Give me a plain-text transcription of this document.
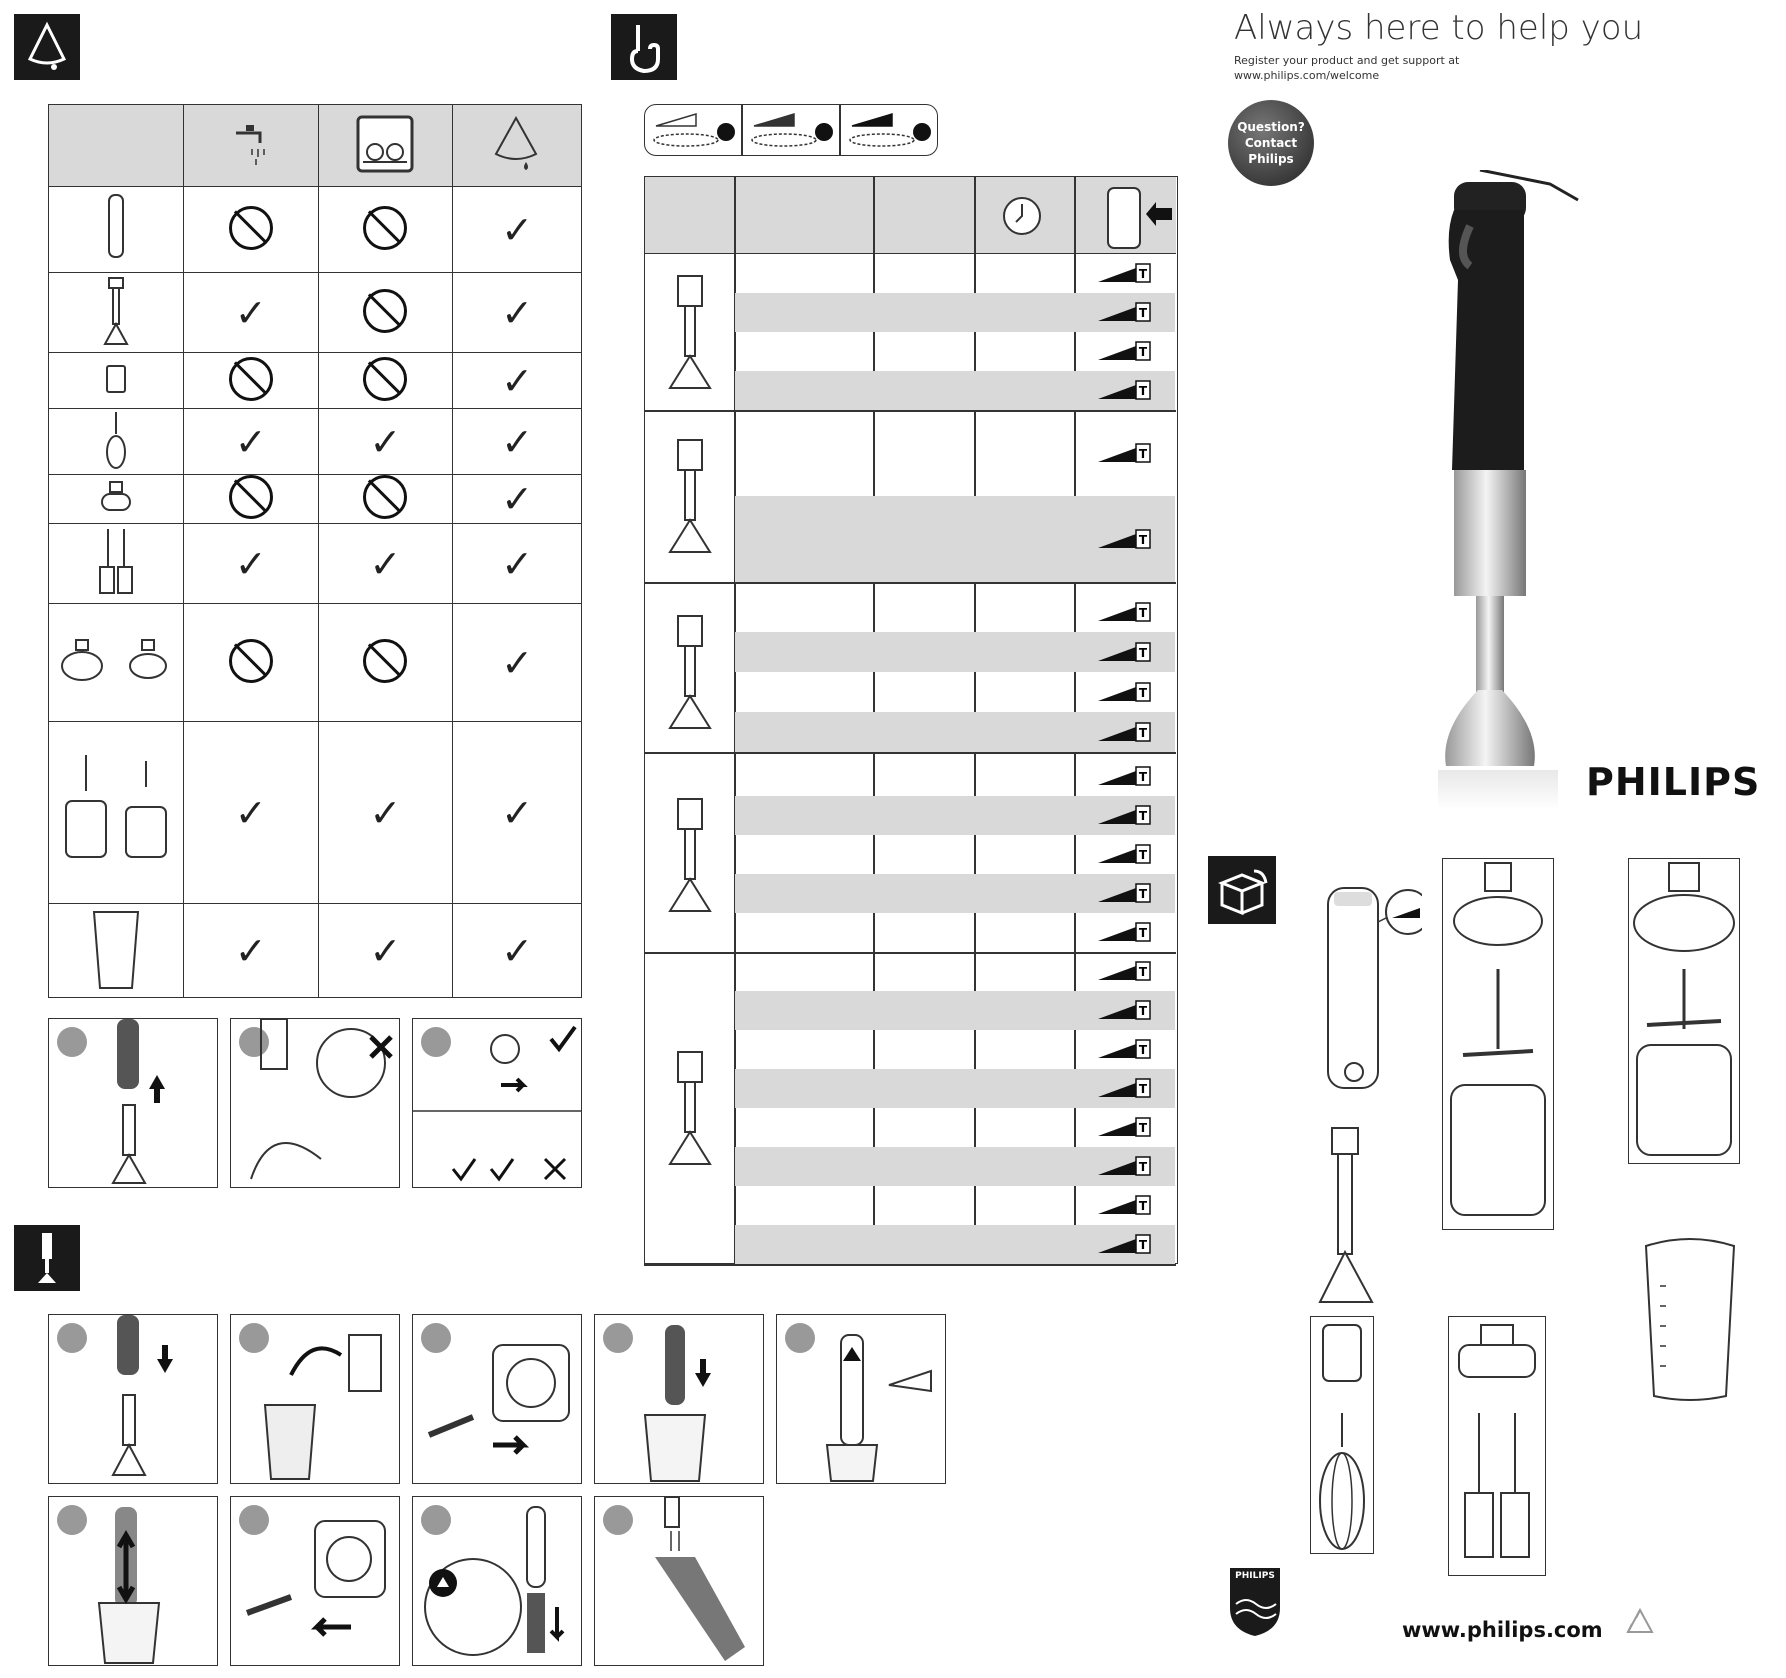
			✓
	✓		✓
			✓
	✓	✓	✓
			✓
	✓	✓	✓
			✓
	✓	✓	✓
	✓	✓	✓
T
T
T
T
T
T
T
T
T
T
T
T
T
T
T
T
T
T
T
T
T
T
T
Always here to help you
Register your product and get support at
www.philips.com/welcome
Question?
Contact
Philips
PHILIPS
PHILIPS
www.philips.com
